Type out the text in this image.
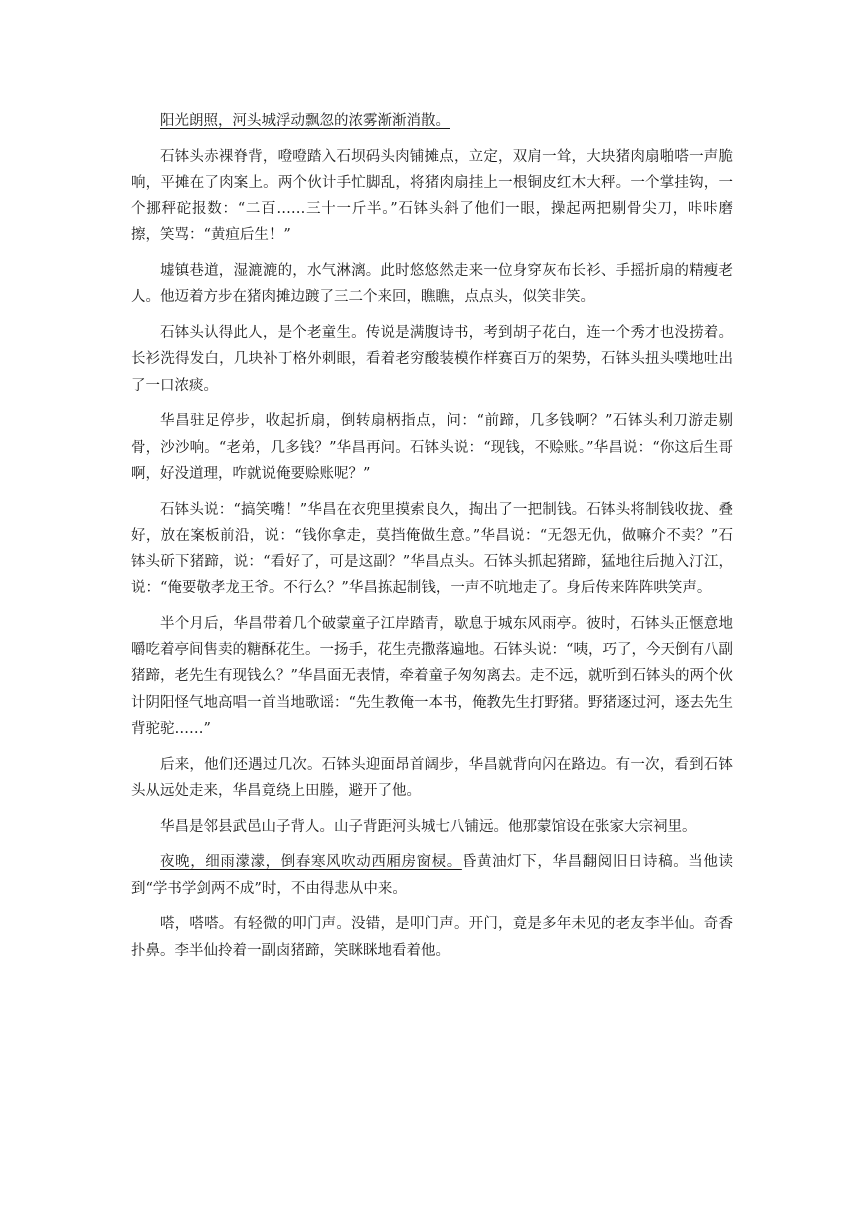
阳光朗照，河头城浮动飘忽的浓雾渐渐消散。

石钵头赤裸脊背，噔噔踏入石坝码头肉铺摊点，立定，双肩一耸，大块猪肉扇啪嗒一声脆响，平摊在了肉案上。两个伙计手忙脚乱，将猪肉扇挂上一根铜皮红木大秤。一个掌挂钩，一个挪秤砣报数：“二百……三十一斤半。”石钵头斜了他们一眼，操起两把剔骨尖刀，咔咔磨擦，笑骂：“黄疸后生！”

墟镇巷道，湿漉漉的，水气淋漓。此时悠悠然走来一位身穿灰布长衫、手摇折扇的精瘦老人。他迈着方步在猪肉摊边踱了三二个来回，瞧瞧，点点头，似笑非笑。

石钵头认得此人，是个老童生。传说是满腹诗书，考到胡子花白，连一个秀才也没捞着。长衫洗得发白，几块补丁格外刺眼，看着老穷酸装模作样赛百万的架势，石钵头扭头噗地吐出了一口浓痰。

华昌驻足停步，收起折扇，倒转扇柄指点，问：“前蹄，几多钱啊？”石钵头利刀游走剔骨，沙沙响。“老弟，几多钱？”华昌再问。石钵头说：“现钱，不赊账。”华昌说：“你这后生哥啊，好没道理，咋就说俺要赊账呢？”

石钵头说：“搞笑嘴！”华昌在衣兜里摸索良久，掏出了一把制钱。石钵头将制钱收拢、叠好，放在案板前沿，说：“钱你拿走，莫挡俺做生意。”华昌说：“无怨无仇，做嘛介不卖？”石钵头斫下猪蹄，说：“看好了，可是这副？”华昌点头。石钵头抓起猪蹄，猛地往后抛入汀江，说：“俺要敬孝龙王爷。不行么？”华昌拣起制钱，一声不吭地走了。身后传来阵阵哄笑声。

半个月后，华昌带着几个破蒙童子江岸踏青，歇息于城东风雨亭。彼时，石钵头正惬意地嚼吃着亭间售卖的糖酥花生。一扬手，花生壳撒落遍地。石钵头说：“咦，巧了，今天倒有八副猪蹄，老先生有现钱么？”华昌面无表情，牵着童子匆匆离去。走不远，就听到石钵头的两个伙计阴阳怪气地高唱一首当地歌谣：“先生教俺一本书，俺教先生打野猪。野猪逐过河，逐去先生背驼驼……”

后来，他们还遇过几次。石钵头迎面昂首阔步，华昌就背向闪在路边。有一次，看到石钵头从远处走来，华昌竟绕上田塍，避开了他。

华昌是邻县武邑山子背人。山子背距河头城七八铺远。他那蒙馆设在张家大宗祠里。

夜晚，细雨濛濛，倒春寒风吹动西厢房窗棂。昏黄油灯下，华昌翻阅旧日诗稿。当他读到“学书学剑两不成”时，不由得悲从中来。

嗒，嗒嗒。有轻微的叩门声。没错，是叩门声。开门，竟是多年未见的老友李半仙。奇香扑鼻。李半仙拎着一副卤猪蹄，笑眯眯地看着他。
